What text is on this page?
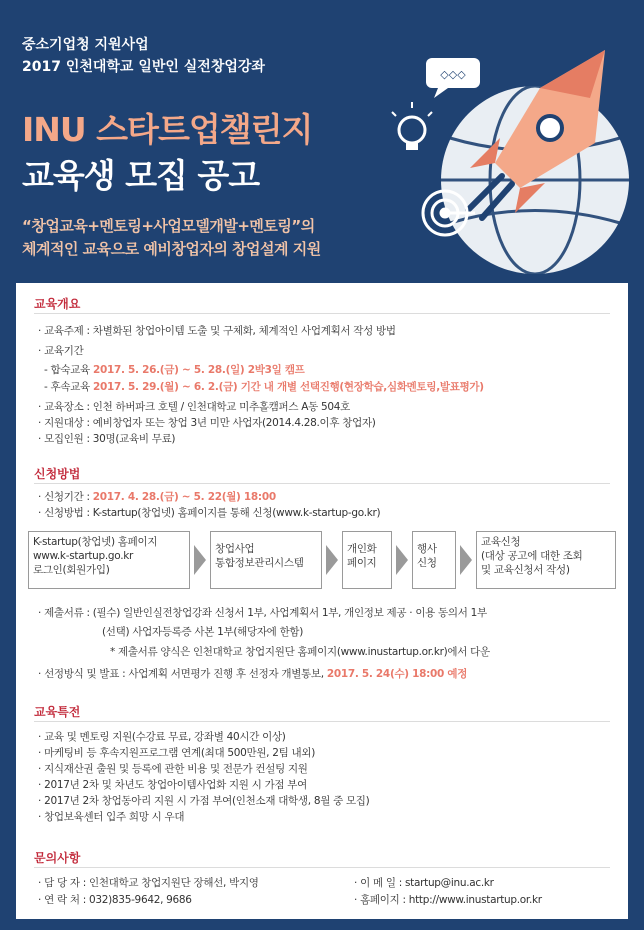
중소기업청 지원사업
2017 인천대학교 일반인 실전창업강좌
INU 스타트업챌린지
교육생 모집 공고
“창업교육+멘토링+사업모델개발+멘토링”의
체계적인 교육으로 예비창업자의 창업설계 지원
◇◇◇
교육개요
· 교육주제 : 차별화된 창업아이템 도출 및 구체화, 체계적인 사업계획서 작성 방법
· 교육기간
- 합숙교육 2017. 5. 26.(금) ~ 5. 28.(일) 2박3일 캠프
- 후속교육 2017. 5. 29.(월) ~ 6. 2.(금) 기간 내 개별 선택진행(현장학습,심화멘토링,발표평가)
· 교육장소 : 인천 하버파크 호텔 / 인천대학교 미추홀캠퍼스 A동 504호
· 지원대상 : 예비창업자 또는 창업 3년 미만 사업자(2014.4.28.이후 창업자)
· 모집인원 : 30명(교육비 무료)
신청방법
· 신청기간 : 2017. 4. 28.(금) ~ 5. 22(월) 18:00
· 신청방법 : K-startup(창업넷) 홈페이지를 통해 신청(www.k-startup-go.kr)
K-startup(창업넷) 홈페이지
www.k-startup.go.kr
로그인(회원가입)
창업사업
통합정보관리시스템
개인화
페이지
행사
신청
교육신청
(대상 공고에 대한 조회
및 교육신청서 작성)
· 제출서류 : (필수) 일반인실전창업강좌 신청서 1부, 사업계획서 1부, 개인정보 제공 · 이용 동의서 1부
(선택) 사업자등록증 사본 1부(해당자에 한함)
* 제출서류 양식은 인천대학교 창업지원단 홈페이지(www.inustartup.or.kr)에서 다운
· 선정방식 및 발표 : 사업계획 서면평가 진행 후 선정자 개별통보, 2017. 5. 24(수) 18:00 예정
교육특전
· 교육 및 멘토링 지원(수강료 무료, 강좌별 40시간 이상)
· 마케팅비 등 후속지원프로그램 연계(최대 500만원, 2팀 내외)
· 지식재산권 출원 및 등록에 관한 비용 및 전문가 컨설팅 지원
· 2017년 2차 및 차년도 창업아이템사업화 지원 시 가점 부여
· 2017년 2차 창업동아리 지원 시 가점 부여(인천소재 대학생, 8월 중 모집)
· 창업보육센터 입주 희망 시 우대
문의사항
· 담 당 자 : 인천대학교 창업지원단 장해선, 박지영
· 연 락 처 : 032)835-9642, 9686
· 이 메 일 : startup@inu.ac.kr
· 홈페이지 : http://www.inustartup.or.kr
